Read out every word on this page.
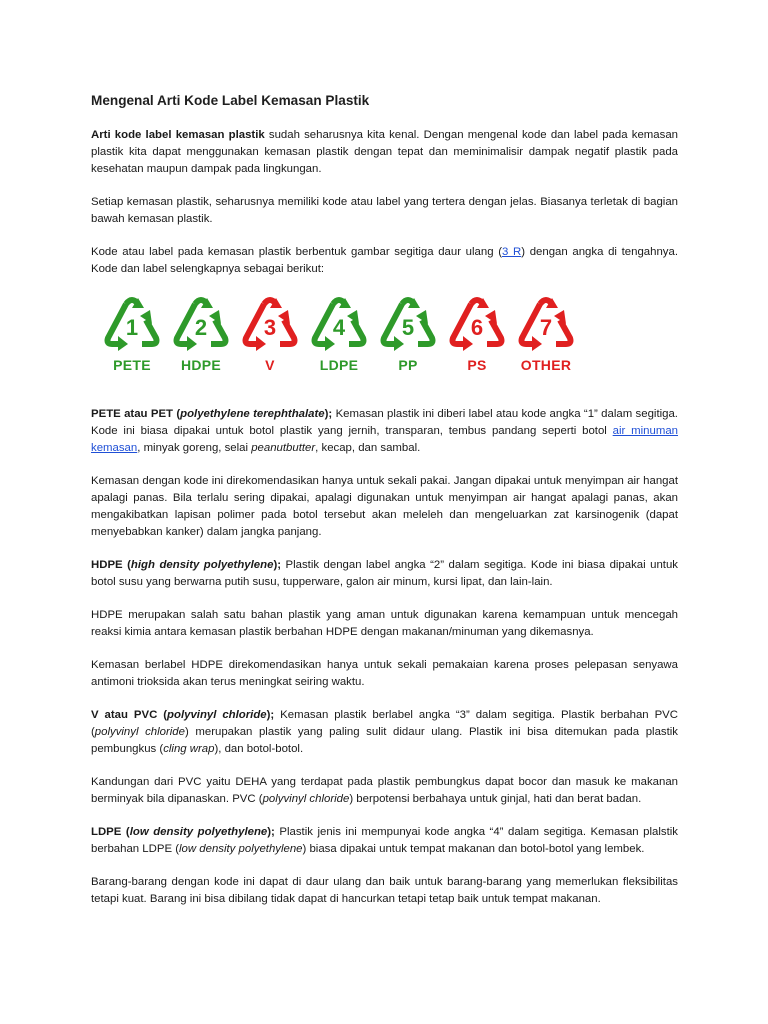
Mengenal Arti Kode Label Kemasan Plastik

Arti kode label kemasan plastik sudah seharusnya kita kenal. Dengan mengenal kode dan label pada kemasan plastik kita dapat menggunakan kemasan plastik dengan tepat dan meminimalisir dampak negatif plastik pada kesehatan maupun dampak pada lingkungan.

Setiap kemasan plastik, seharusnya memiliki kode atau label yang tertera dengan jelas. Biasanya terletak di bagian bawah kemasan plastik.

Kode atau label pada kemasan plastik berbentuk gambar segitiga daur ulang (3 R) dengan angka di tengahnya. Kode dan label selengkapnya sebagai berikut:

1
PETE
2
HDPE
3
V
4
LDPE
5
PP
6
PS
7
OTHER

PETE atau PET (polyethylene terephthalate); Kemasan plastik ini diberi label atau kode angka “1” dalam segitiga. Kode ini biasa dipakai untuk botol plastik yang jernih, transparan, tembus pandang seperti botol air minuman kemasan, minyak goreng, selai peanutbutter, kecap, dan sambal.

Kemasan dengan kode ini direkomendasikan hanya untuk sekali pakai. Jangan dipakai untuk menyimpan air hangat apalagi panas. Bila terlalu sering dipakai, apalagi digunakan untuk menyimpan air hangat apalagi panas, akan mengakibatkan lapisan polimer pada botol tersebut akan meleleh dan mengeluarkan zat karsinogenik (dapat menyebabkan kanker) dalam jangka panjang.

HDPE (high density polyethylene); Plastik dengan label angka “2” dalam segitiga. Kode ini biasa dipakai untuk botol susu yang berwarna putih susu, tupperware, galon air minum, kursi lipat, dan lain-lain.

HDPE merupakan salah satu bahan plastik yang aman untuk digunakan karena kemampuan untuk mencegah reaksi kimia antara kemasan plastik berbahan HDPE dengan makanan/minuman yang dikemasnya.

Kemasan berlabel HDPE direkomendasikan hanya untuk sekali pemakaian karena proses pelepasan senyawa antimoni trioksida akan terus meningkat seiring waktu.

V atau PVC (polyvinyl chloride); Kemasan plastik berlabel angka “3” dalam segitiga. Plastik berbahan PVC (polyvinyl chloride) merupakan plastik yang paling sulit didaur ulang. Plastik ini bisa ditemukan pada plastik pembungkus (cling wrap), dan botol-botol.

Kandungan dari PVC yaitu DEHA yang terdapat pada plastik pembungkus dapat bocor dan masuk ke makanan berminyak bila dipanaskan. PVC (polyvinyl chloride) berpotensi berbahaya untuk ginjal, hati dan berat badan.

LDPE (low density polyethylene); Plastik jenis ini mempunyai kode angka “4” dalam segitiga. Kemasan plalstik berbahan LDPE (low density polyethylene) biasa dipakai untuk tempat makanan dan botol-botol yang lembek.

Barang-barang dengan kode ini dapat di daur ulang dan baik untuk barang-barang yang memerlukan fleksibilitas tetapi kuat. Barang ini bisa dibilang tidak dapat di hancurkan tetapi tetap baik untuk tempat makanan.
